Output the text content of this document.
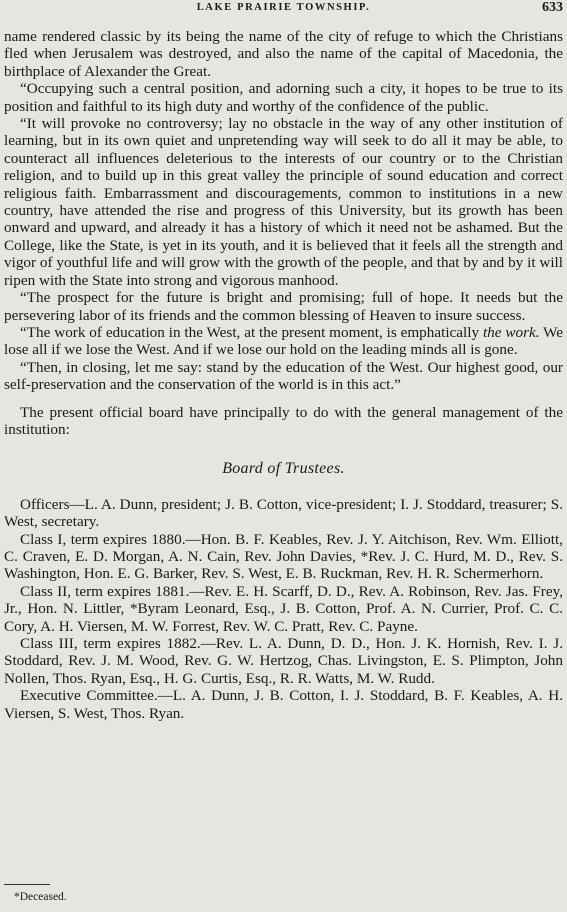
LAKE PRAIRIE TOWNSHIP.	633

name rendered classic by its being the name of the city of refuge to which the Christians fled when Jerusalem was destroyed, and also the name of the capital of Macedonia, the birthplace of Alexander the Great.

“Occupying such a central position, and adorning such a city, it hopes to be true to its position and faithful to its high duty and worthy of the confidence of the public.

“It will provoke no controversy; lay no obstacle in the way of any other institution of learning, but in its own quiet and unpretending way will seek to do all it may be able, to counteract all influences deleterious to the interests of our country or to the Christian religion, and to build up in this great valley the principle of sound education and correct religious faith. Embarrassment and discouragements, common to institutions in a new country, have attended the rise and progress of this University, but its growth has been onward and upward, and already it has a history of which it need not be ashamed. But the College, like the State, is yet in its youth, and it is believed that it feels all the strength and vigor of youthful life and will grow with the growth of the people, and that by and by it will ripen with the State into strong and vigorous manhood.

“The prospect for the future is bright and promising; full of hope. It needs but the persevering labor of its friends and the common blessing of Heaven to insure success.

“The work of education in the West, at the present moment, is emphatically the work. We lose all if we lose the West. And if we lose our hold on the leading minds all is gone.

“Then, in closing, let me say: stand by the education of the West. Our highest good, our self-preservation and the conservation of the world is in this act.”

The present official board have principally to do with the general management of the institution:

Board of Trustees.

Officers—L. A. Dunn, president; J. B. Cotton, vice-president; I. J. Stoddard, treasurer; S. West, secretary.

Class I, term expires 1880.—Hon. B. F. Keables, Rev. J. Y. Aitchison, Rev. Wm. Elliott, C. Craven, E. D. Morgan, A. N. Cain, Rev. John Davies, *Rev. J. C. Hurd, M. D., Rev. S. Washington, Hon. E. G. Barker, Rev. S. West, E. B. Ruckman, Rev. H. R. Schermerhorn.

Class II, term expires 1881.—Rev. E. H. Scarff, D. D., Rev. A. Robinson, Rev. Jas. Frey, Jr., Hon. N. Littler, *Byram Leonard, Esq., J. B. Cotton, Prof. A. N. Currier, Prof. C. C. Cory, A. H. Viersen, M. W. Forrest, Rev. W. C. Pratt, Rev. C. Payne.

Class III, term expires 1882.—Rev. L. A. Dunn, D. D., Hon. J. K. Hornish, Rev. I. J. Stoddard, Rev. J. M. Wood, Rev. G. W. Hertzog, Chas. Livingston, E. S. Plimpton, John Nollen, Thos. Ryan, Esq., H. G. Curtis, Esq., R. R. Watts, M. W. Rudd.

Executive Committee.—L. A. Dunn, J. B. Cotton, I. J. Stoddard, B. F. Keables, A. H. Viersen, S. West, Thos. Ryan.

*Deceased.
